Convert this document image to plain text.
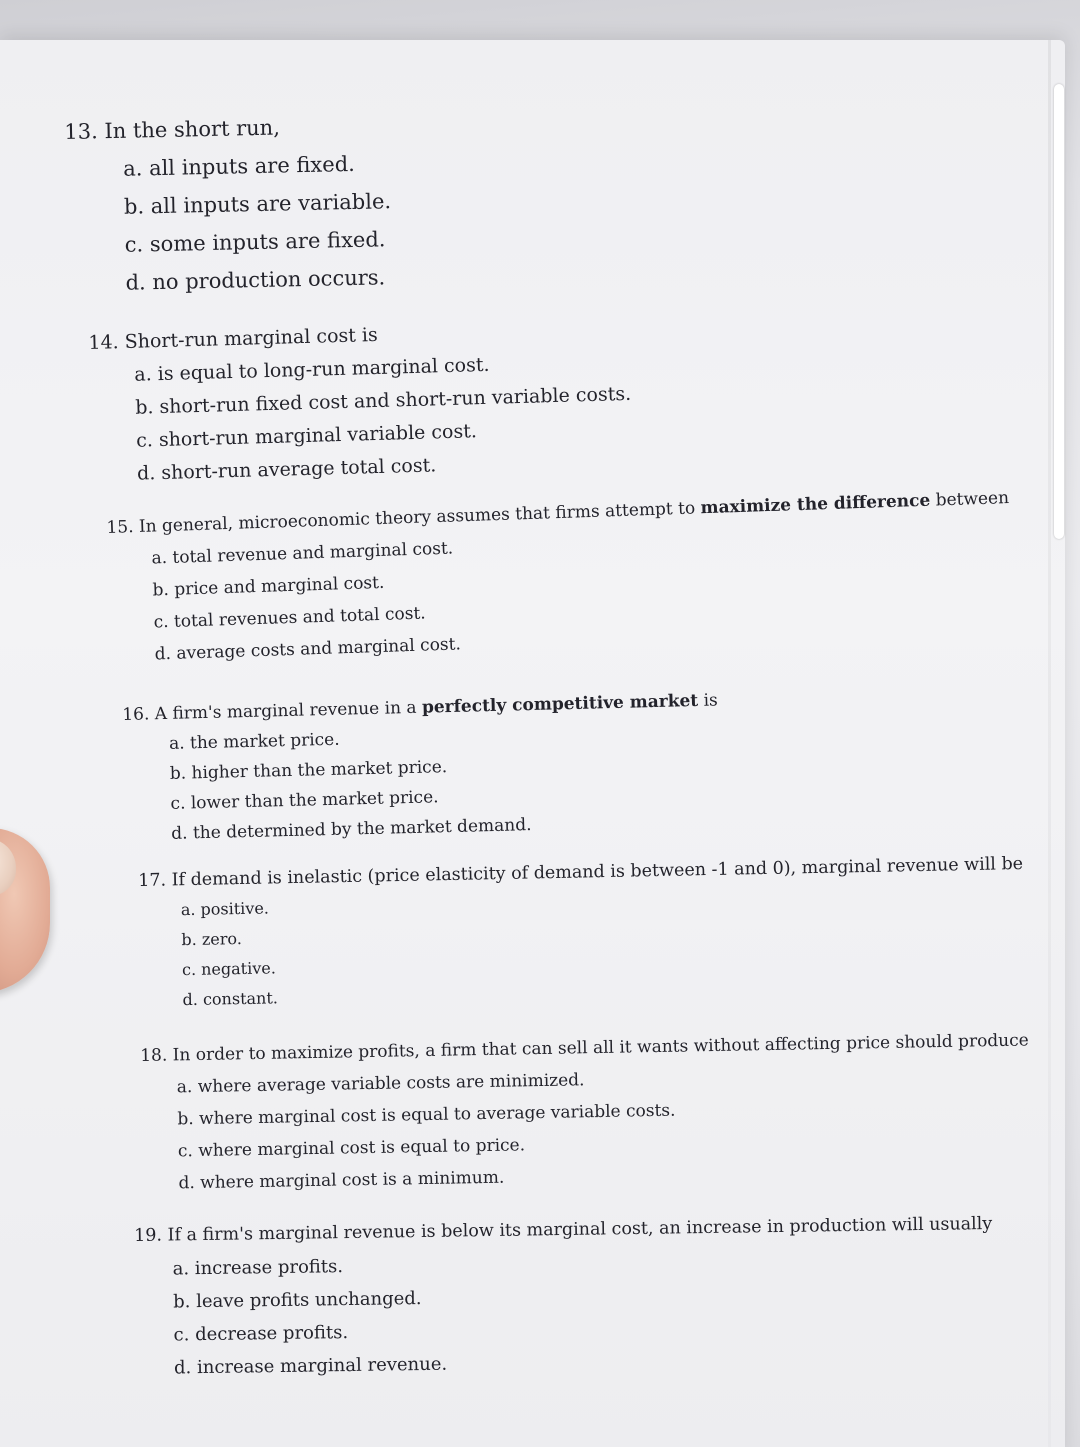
13. In the short run,
a. all inputs are fixed.
b. all inputs are variable.
c. some inputs are fixed.
d. no production occurs.
14. Short-run marginal cost is
a. is equal to long-run marginal cost.
b. short-run fixed cost and short-run variable costs.
c. short-run marginal variable cost.
d. short-run average total cost.
15. In general, microeconomic theory assumes that firms attempt to maximize the difference between
a. total revenue and marginal cost.
b. price and marginal cost.
c. total revenues and total cost.
d. average costs and marginal cost.
16. A firm's marginal revenue in a perfectly competitive market is
a. the market price.
b. higher than the market price.
c. lower than the market price.
d. the determined by the market demand.
17. If demand is inelastic (price elasticity of demand is between -1 and 0), marginal revenue will be
a. positive.
b. zero.
c. negative.
d. constant.
18. In order to maximize profits, a firm that can sell all it wants without affecting price should produce
a. where average variable costs are minimized.
b. where marginal cost is equal to average variable costs.
c. where marginal cost is equal to price.
d. where marginal cost is a minimum.
19. If a firm's marginal revenue is below its marginal cost, an increase in production will usually
a. increase profits.
b. leave profits unchanged.
c. decrease profits.
d. increase marginal revenue.
